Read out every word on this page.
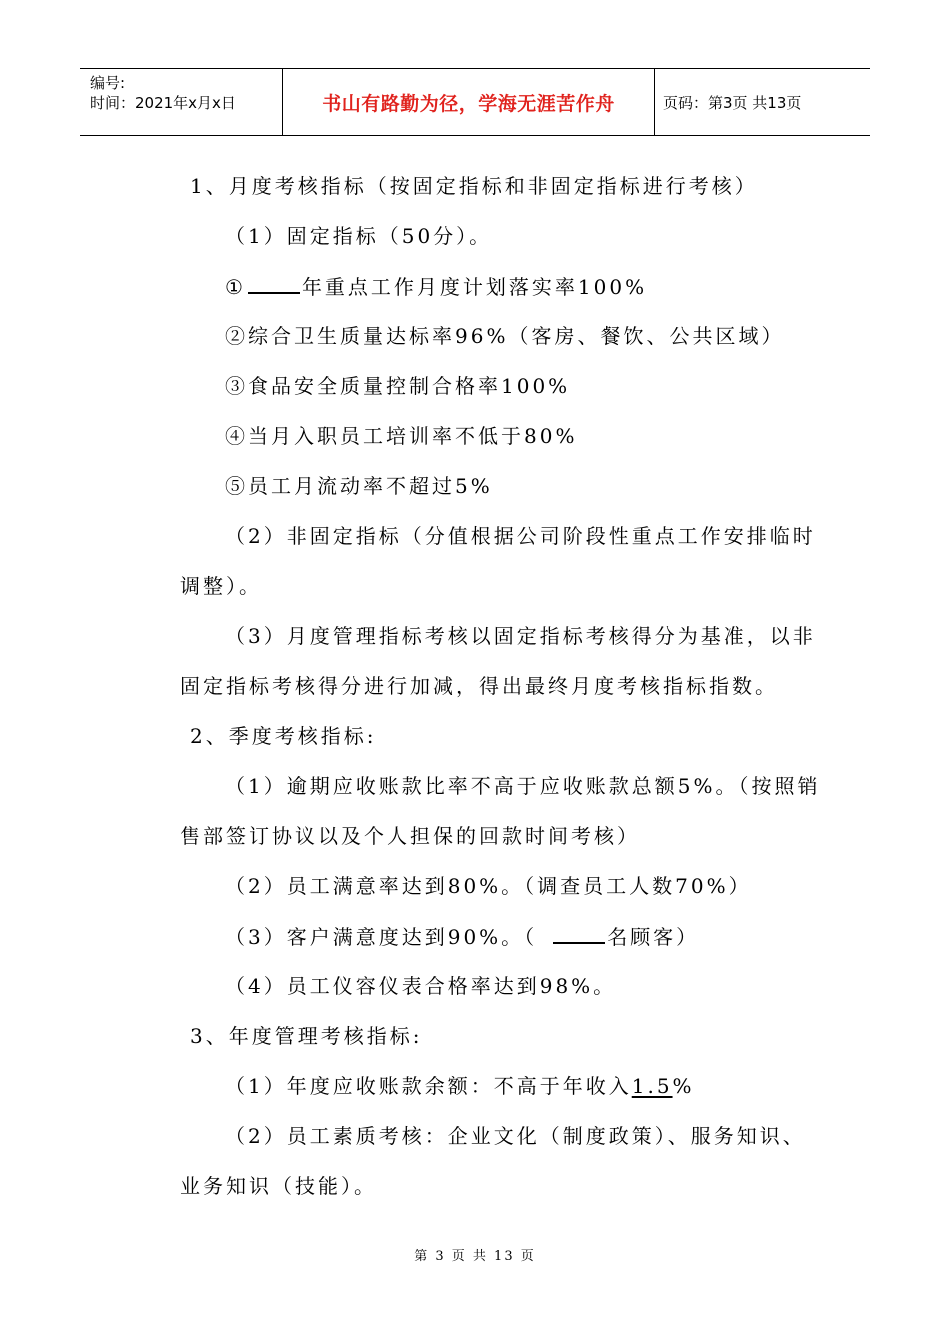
编号:
时间：2021年x月x日	书山有路勤为径，学海无涯苦作舟	页码：第3页 共13页
1、月度考核指标（按固定指标和非固定指标进行考核）
（1）固定指标（50分）。
①	年重点工作月度计划落实率100%
②综合卫生质量达标率96%（客房、餐饮、公共区域）
③食品安全质量控制合格率100%
④当月入职员工培训率不低于80%
⑤员工月流动率不超过5%
（2）非固定指标（分值根据公司阶段性重点工作安排临时
调整）。
（3）月度管理指标考核以固定指标考核得分为基准，以非
固定指标考核得分进行加减，得出最终月度考核指标指数。
2、季度考核指标:
（1）逾期应收账款比率不高于应收账款总额5%。（按照销
售部签订协议以及个人担保的回款时间考核）
（2）员工满意率达到80%。（调查员工人数70%）
（3）客户满意度达到90%。（	名顾客）
（4）员工仪容仪表合格率达到98%。
3、年度管理考核指标:
（1）年度应收账款余额：不高于年收入1.5%
（2）员工素质考核：企业文化（制度政策）、服务知识、
业务知识（技能）。
第 3 页 共 13 页
